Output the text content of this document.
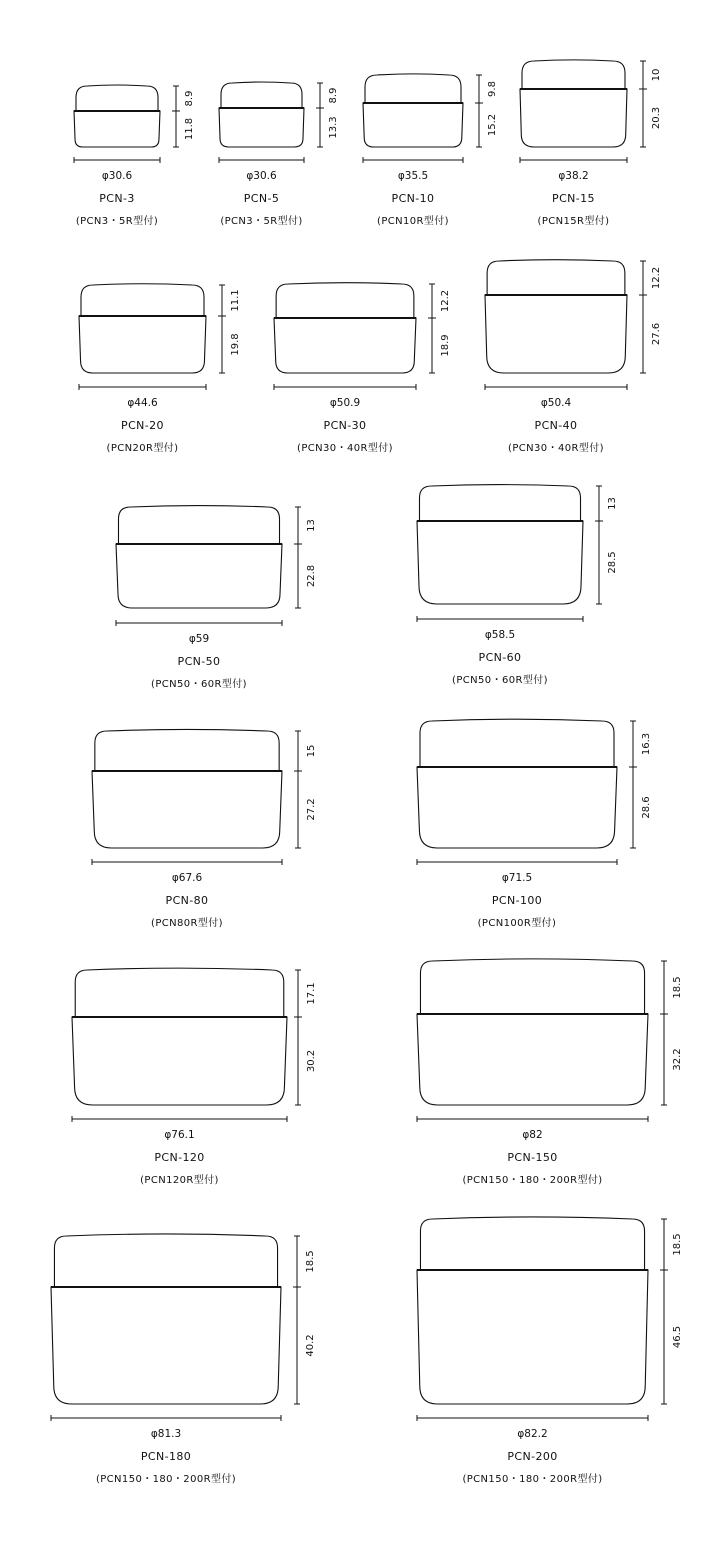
8.9
11.8
φ30.6
PCN-3
(PCN3・5R型付)
8.9
13.3
φ30.6
PCN-5
(PCN3・5R型付)
9.8
15.2
φ35.5
PCN-10
(PCN10R型付)
10
20.3
φ38.2
PCN-15
(PCN15R型付)
11.1
19.8
φ44.6
PCN-20
(PCN20R型付)
12.2
18.9
φ50.9
PCN-30
(PCN30・40R型付)
12.2
27.6
φ50.4
PCN-40
(PCN30・40R型付)
13
22.8
φ59
PCN-50
(PCN50・60R型付)
13
28.5
φ58.5
PCN-60
(PCN50・60R型付)
15
27.2
φ67.6
PCN-80
(PCN80R型付)
16.3
28.6
φ71.5
PCN-100
(PCN100R型付)
17.1
30.2
φ76.1
PCN-120
(PCN120R型付)
18.5
32.2
φ82
PCN-150
(PCN150・180・200R型付)
18.5
40.2
φ81.3
PCN-180
(PCN150・180・200R型付)
18.5
46.5
φ82.2
PCN-200
(PCN150・180・200R型付)
